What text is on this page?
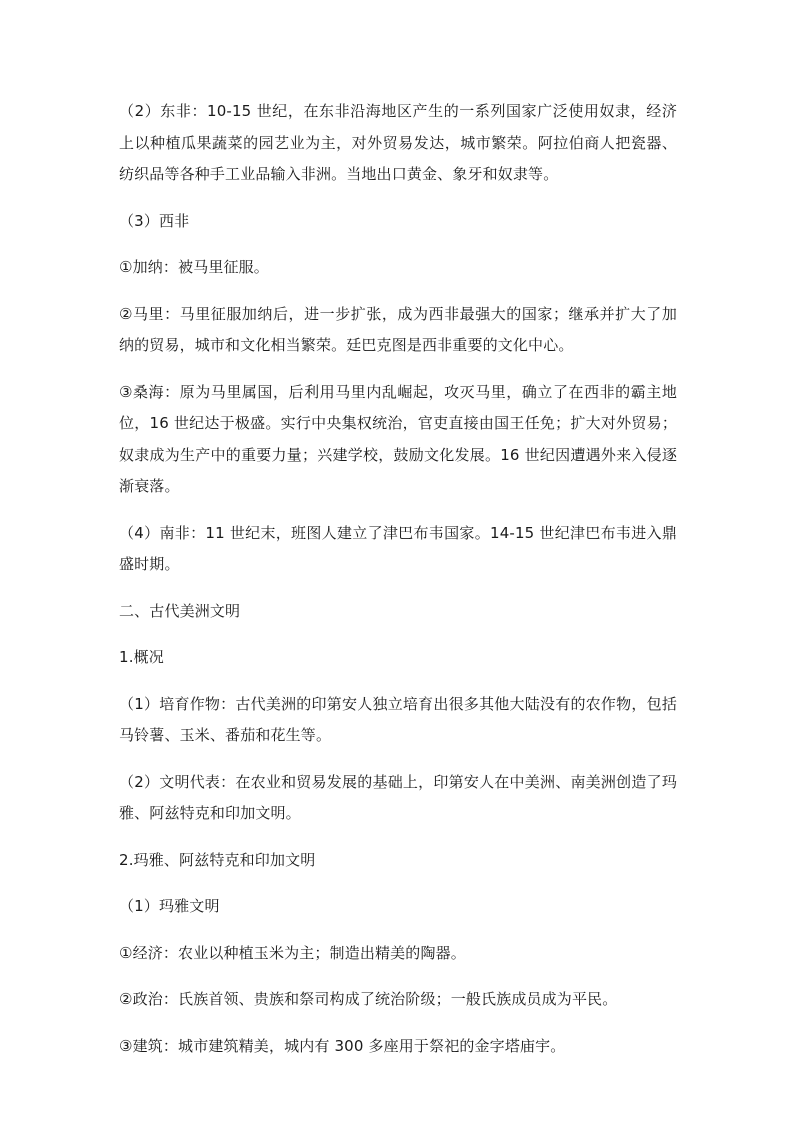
（2）东非：10-15 世纪，在东非沿海地区产生的一系列国家广泛使用奴隶，经济上以种植瓜果蔬菜的园艺业为主，对外贸易发达，城市繁荣。阿拉伯商人把瓷器、纺织品等各种手工业品输入非洲。当地出口黄金、象牙和奴隶等。

（3）西非

①加纳：被马里征服。

②马里：马里征服加纳后，进一步扩张，成为西非最强大的国家；继承并扩大了加纳的贸易，城市和文化相当繁荣。廷巴克图是西非重要的文化中心。

③桑海：原为马里属国，后利用马里内乱崛起，攻灭马里，确立了在西非的霸主地位，16 世纪达于极盛。实行中央集权统治，官吏直接由国王任免；扩大对外贸易；奴隶成为生产中的重要力量；兴建学校，鼓励文化发展。16 世纪因遭遇外来入侵逐渐衰落。

（4）南非：11 世纪末，班图人建立了津巴布韦国家。14-15 世纪津巴布韦进入鼎盛时期。

二、古代美洲文明

1.概况

（1）培育作物：古代美洲的印第安人独立培育出很多其他大陆没有的农作物，包括马铃薯、玉米、番茄和花生等。

（2）文明代表：在农业和贸易发展的基础上，印第安人在中美洲、南美洲创造了玛雅、阿兹特克和印加文明。

2.玛雅、阿兹特克和印加文明

（1）玛雅文明

①经济：农业以种植玉米为主；制造出精美的陶器。

②政治：氏族首领、贵族和祭司构成了统治阶级；一般氏族成员成为平民。

③建筑：城市建筑精美，城内有 300 多座用于祭祀的金字塔庙宇。
